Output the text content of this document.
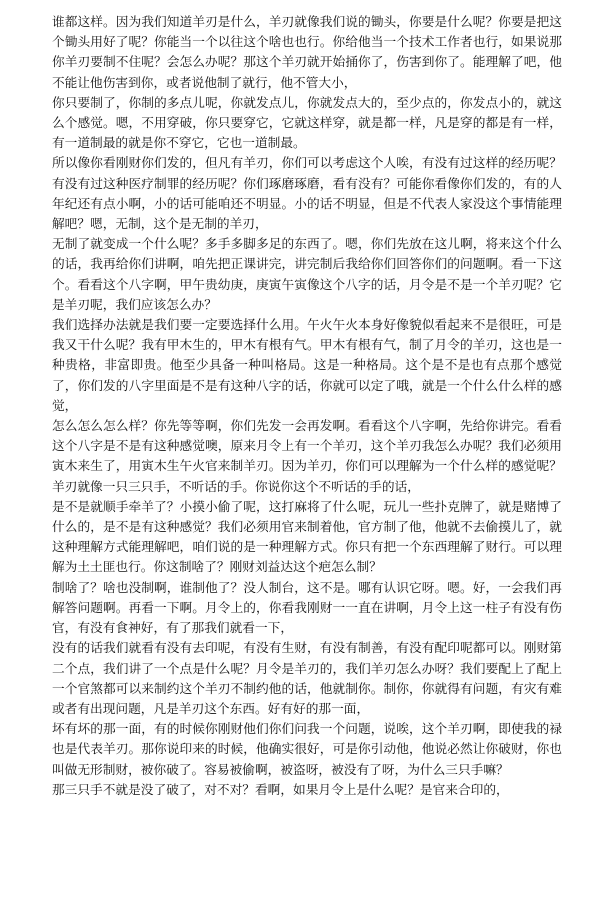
谁都这样。因为我们知道羊刃是什么，羊刃就像我们说的锄头，你要是什么呢？你要是把这个锄头用好了呢？你能当一个以往这个啥也也行。你给他当一个技术工作者也行，如果说那你羊刃要制不住呢？会怎么办呢？那这个羊刃就开始捅你了，伤害到你了。能理解了吧，他不能让他伤害到你，或者说他制了就行，他不管大小，

你只要制了，你制的多点儿呢，你就发点儿，你就发点大的，至少点的，你发点小的，就这么个感觉。嗯，不用穿破，你只要穿它，它就这样穿，就是都一样，凡是穿的都是有一样，有一道制最的就是你不穿它，它也一道制最。

所以像你看刚财你们发的，但凡有羊刃，你们可以考虑这个人唉，有没有过这样的经历呢？有没有过这种医疗制罪的经历呢？你们琢磨琢磨，看有没有？可能你看像你们发的，有的人年纪还有点小啊，小的话可能咱还不明显。小的话不明显，但是不代表人家没这个事情能理解吧？嗯，无制，这个是无制的羊刃，

无制了就变成一个什么呢？多手多脚多足的东西了。嗯，你们先放在这儿啊，将来这个什么的话，我再给你们讲啊，咱先把正课讲完，讲完制后我给你们回答你们的问题啊。看一下这个。看看这个八字啊，甲午贵幼庚，庚寅午寅像这个八字的话，月令是不是一个羊刃呢？它是羊刃呢，我们应该怎么办？

我们选择办法就是我们要一定要选择什么用。午火午火本身好像貌似看起来不是很旺，可是我又干什么呢？我有甲木生的，甲木有根有气。甲木有根有气，制了月令的羊刃，这也是一种贵格，非富即贵。他至少具备一种叫格局。这是一种格局。这个是不是也有点那个感觉了，你们发的八字里面是不是有这种八字的话，你就可以定了哦，就是一个什么什么样的感觉，

怎么怎么怎么样？你先等等啊，你们先发一会再发啊。看看这个八字啊，先给你讲完。看看这个八字是不是有这种感觉噢，原来月令上有一个羊刃，这个羊刃我怎么办呢？我们必须用寅木来生了，用寅木生午火官来制羊刃。因为羊刃，你们可以理解为一个什么样的感觉呢？羊刃就像一只三只手，不听话的手。你说你这个不听话的手的话，

是不是就顺手牵羊了？小摸小偷了呢，这打麻将了什么呢，玩儿一些扑克牌了，就是赌博了什么的，是不是有这种感觉？我们必须用官来制着他，官方制了他，他就不去偷摸儿了，就这种理解方式能理解吧，咱们说的是一种理解方式。你只有把一个东西理解了财行。可以理解为土土匪也行。你这制啥了？刚财刘益达这个疤怎么制？

制啥了？啥也没制啊，谁制他了？没人制台，这不是。哪有认识它呀。嗯。好，一会我们再解答问题啊。再看一下啊。月令上的，你看我刚财一一直在讲啊，月令上这一柱子有没有伤官，有没有食神好，有了那我们就看一下，

没有的话我们就看有没有去印呢，有没有生财，有没有制善，有没有配印呢都可以。刚财第二个点，我们讲了一个点是什么呢？月令是羊刃的，我们羊刃怎么办呀？我们要配上了配上一个官煞都可以来制约这个羊刃不制约他的话，他就制你。制你，你就得有问题，有灾有难或者有出现问题，凡是羊刃这个东西。好有好的那一面，

坏有坏的那一面，有的时候你刚财他们你们问我一个问题，说唉，这个羊刃啊，即使我的禄也是代表羊刃。那你说印来的时候，他确实很好，可是你引动他，他说必然让你破财，你也叫做无形制财，被你破了。容易被偷啊，被盗呀，被没有了呀，为什么三只手嘛？

那三只手不就是没了破了，对不对？看啊，如果月令上是什么呢？是官来合印的，
